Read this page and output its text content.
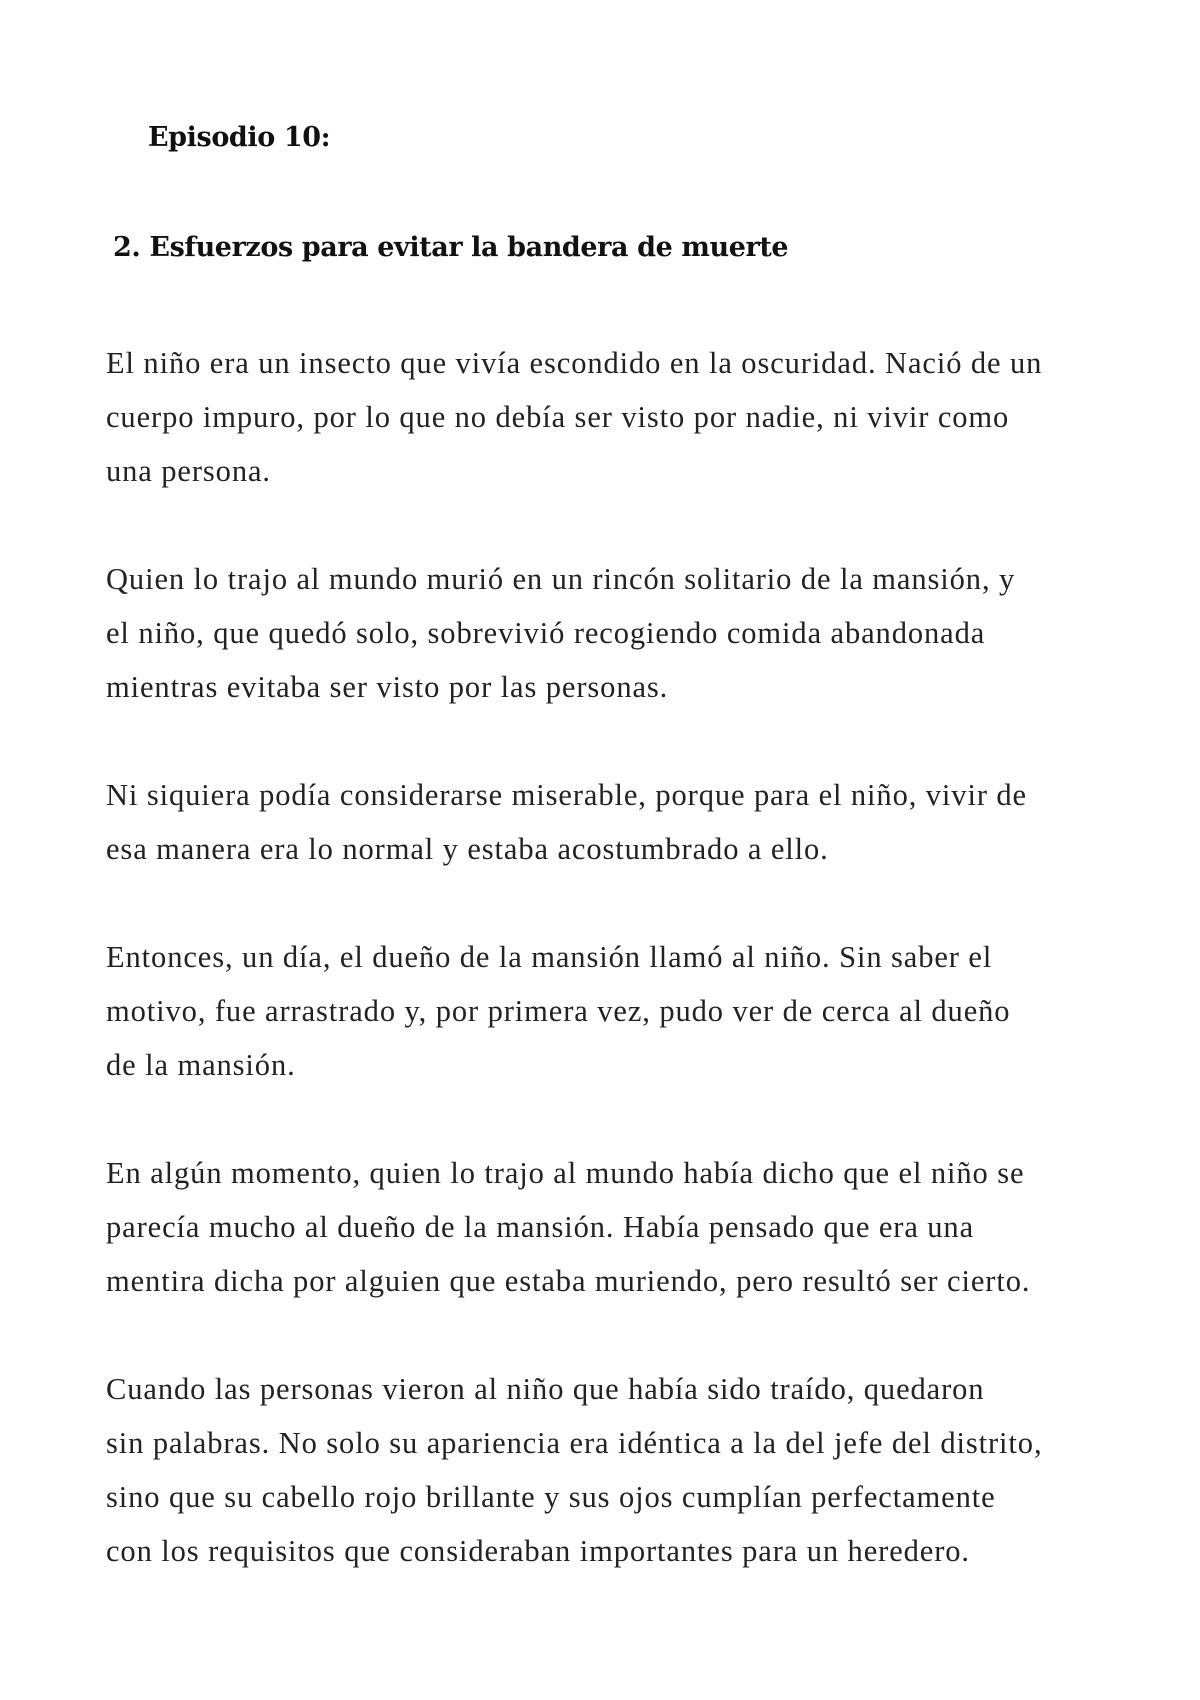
Episodio 10:
2. Esfuerzos para evitar la bandera de muerte

El niño era un insecto que vivía escondido en la oscuridad. Nació de un
cuerpo impuro, por lo que no debía ser visto por nadie, ni vivir como
una persona.

Quien lo trajo al mundo murió en un rincón solitario de la mansión, y
el niño, que quedó solo, sobrevivió recogiendo comida abandonada
mientras evitaba ser visto por las personas.

Ni siquiera podía considerarse miserable, porque para el niño, vivir de
esa manera era lo normal y estaba acostumbrado a ello.

Entonces, un día, el dueño de la mansión llamó al niño. Sin saber el
motivo, fue arrastrado y, por primera vez, pudo ver de cerca al dueño
de la mansión.

En algún momento, quien lo trajo al mundo había dicho que el niño se
parecía mucho al dueño de la mansión. Había pensado que era una
mentira dicha por alguien que estaba muriendo, pero resultó ser cierto.

Cuando las personas vieron al niño que había sido traído, quedaron
sin palabras. No solo su apariencia era idéntica a la del jefe del distrito,
sino que su cabello rojo brillante y sus ojos cumplían perfectamente
con los requisitos que consideraban importantes para un heredero.
